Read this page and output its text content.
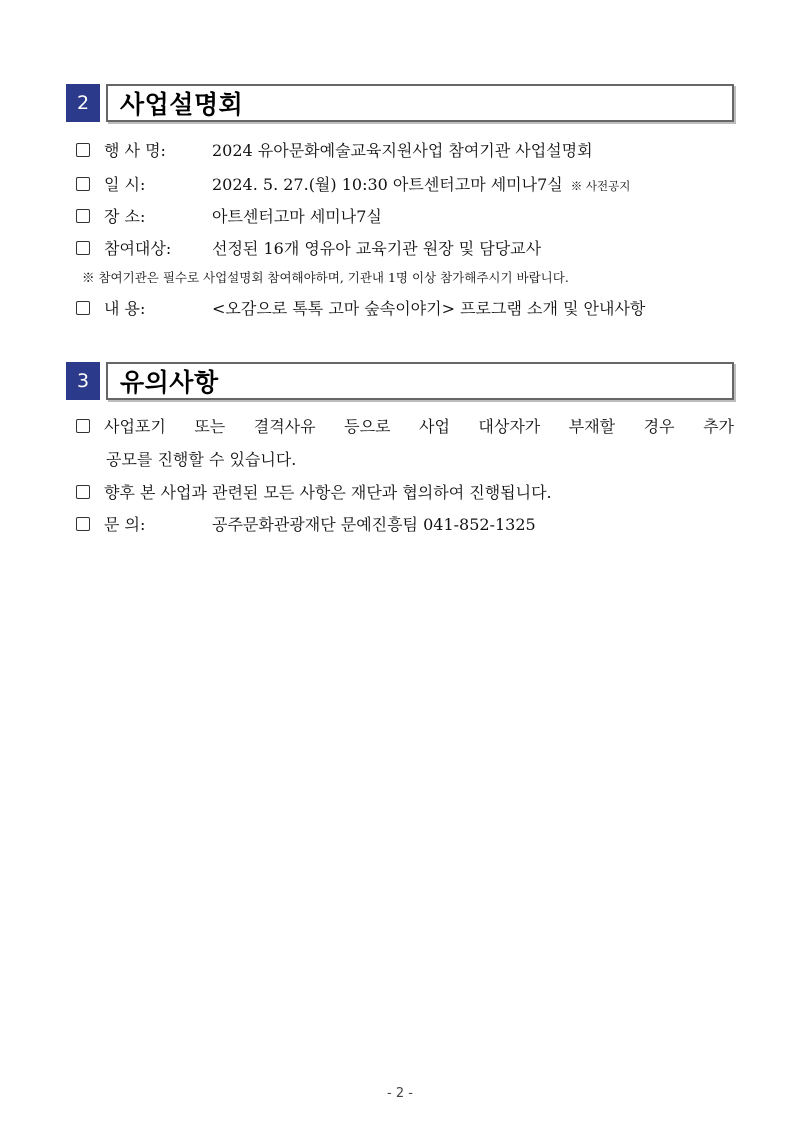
2	사업설명회
행 사 명:	2024 유아문화예술교육지원사업 참여기관 사업설명회
일 시:	2024. 5. 27.(월) 10:30 아트센터고마 세미나7실 ※ 사전공지
장 소:	아트센터고마 세미나7실
참여대상:	선정된 16개 영유아 교육기관 원장 및 담당교사
※ 참여기관은 필수로 사업설명회 참여해야하며, 기관내 1명 이상 참가해주시기 바랍니다.
내 용:	<오감으로 톡톡 고마 숲속이야기> 프로그램 소개 및 안내사항
3	유의사항
사업포기 또는 결격사유 등으로 사업 대상자가 부재할 경우 추가
공모를 진행할 수 있습니다.
향후 본 사업과 관련된 모든 사항은 재단과 협의하여 진행됩니다.
문 의:	공주문화관광재단 문예진흥팀 041-852-1325
- 2 -
